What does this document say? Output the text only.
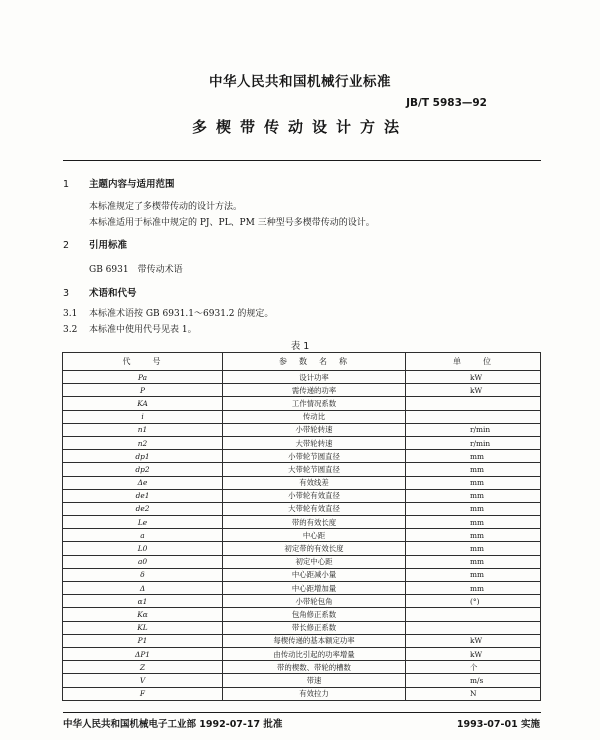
中华人民共和国机械行业标准
JB/T 5983—92
多楔带传动设计方法
1 主题内容与适用范围
本标准规定了多楔带传动的设计方法。
本标准适用于标准中规定的 PJ、PL、PM 三种型号多楔带传动的设计。
2 引用标准
GB 6931　带传动术语
3 术语和代号
3.1 本标准术语按 GB 6931.1～6931.2 的规定。
3.2 本标准中使用代号见表 1。
表 1
代　　号	参　数　名　称	单　　位
Pa	设计功率	kW
P	需传递的功率	kW
KA	工作情况系数	
i	传动比	
n1	小带轮转速	r/min
n2	大带轮转速	r/min
dp1	小带轮节圆直径	mm
dp2	大带轮节圆直径	mm
Δe	有效线差	mm
de1	小带轮有效直径	mm
de2	大带轮有效直径	mm
Le	带的有效长度	mm
a	中心距	mm
L0	初定带的有效长度	mm
a0	初定中心距	mm
δ	中心距减小量	mm
Δ	中心距增加量	mm
α1	小带轮包角	(°)
Kα	包角修正系数	
KL	带长修正系数	
P1	每楔传递的基本额定功率	kW
ΔP1	由传动比引起的功率增量	kW
Z	带的楔数、带轮的槽数	个
V	带速	m/s
F	有效拉力	N
中华人民共和国机械电子工业部 1992-07-17 批准	1993-07-01 实施
